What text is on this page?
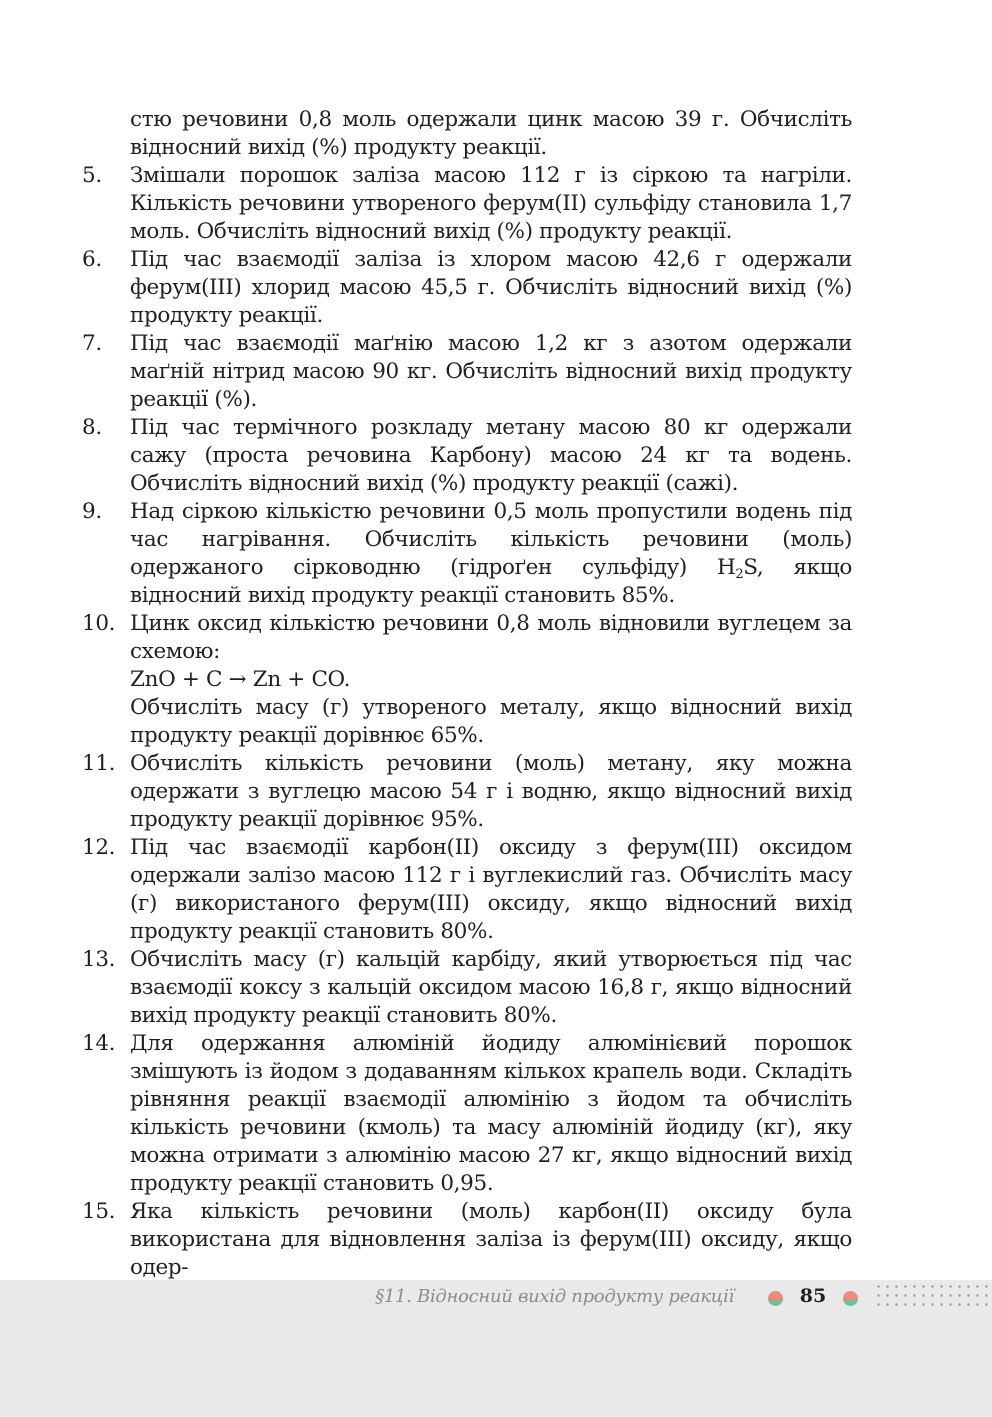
стю речовини 0,8 моль одержали цинк масою 39 г. Обчисліть відносний вихід (%) продукту реакції.
5.	Змішали порошок заліза масою 112 г із сіркою та нагріли. Кількість речовини утвореного ферум(II) сульфіду становила 1,7 моль. Обчисліть відносний вихід (%) продукту реакції.
6.	Під час взаємодії заліза із хлором масою 42,6 г одержали ферум(III) хлорид масою 45,5 г. Обчисліть відносний вихід (%) продукту реакції.
7.	Під час взаємодії маґнію масою 1,2 кг з азотом одержали маґній нітрид масою 90 кг. Обчисліть відносний вихід продукту реакції (%).
8.	Під час термічного розкладу метану масою 80 кг одержали сажу (проста речовина Карбону) масою 24 кг та водень. Обчисліть відносний вихід (%) продукту реакції (сажі).
9.	Над сіркою кількістю речовини 0,5 моль пропустили водень під час нагрівання. Обчисліть кількість речовини (моль) одержаного сірководню (гідроґен сульфіду) $H_2S$, якщо відносний вихід продукту реакції становить 85%.
10. Цинк оксид кількістю речовини 0,8 моль відновили вуглецем за схемою:
ZnO + C → Zn + CO.
Обчисліть масу (г) утвореного металу, якщо відносний вихід продукту реакції дорівнює 65%.
11. Обчисліть кількість речовини (моль) метану, яку можна одержати з вуглецю масою 54 г і водню, якщо відносний вихід продукту реакції дорівнює 95%.
12. Під час взаємодії карбон(II) оксиду з ферум(III) оксидом одержали залізо масою 112 г і вуглекислий газ. Обчисліть масу (г) використаного ферум(III) оксиду, якщо відносний вихід продукту реакції становить 80%.
13. Обчисліть масу (г) кальцій карбіду, який утворюється під час взаємодії коксу з кальцій оксидом масою 16,8 г, якщо відносний вихід продукту реакції становить 80%.
14. Для одержання алюміній йодиду алюмінієвий порошок змішують із йодом з додаванням кількох крапель води. Складіть рівняння реакції взаємодії алюмінію з йодом та обчисліть кількість речовини (кмоль) та масу алюміній йодиду (кг), яку можна отримати з алюмінію масою 27 кг, якщо відносний вихід продукту реакції становить 0,95.
15. Яка кількість речовини (моль) карбон(II) оксиду була використана для відновлення заліза із ферум(III) оксиду, якщо одер-
§11. Відносний вихід продукту реакції	85
